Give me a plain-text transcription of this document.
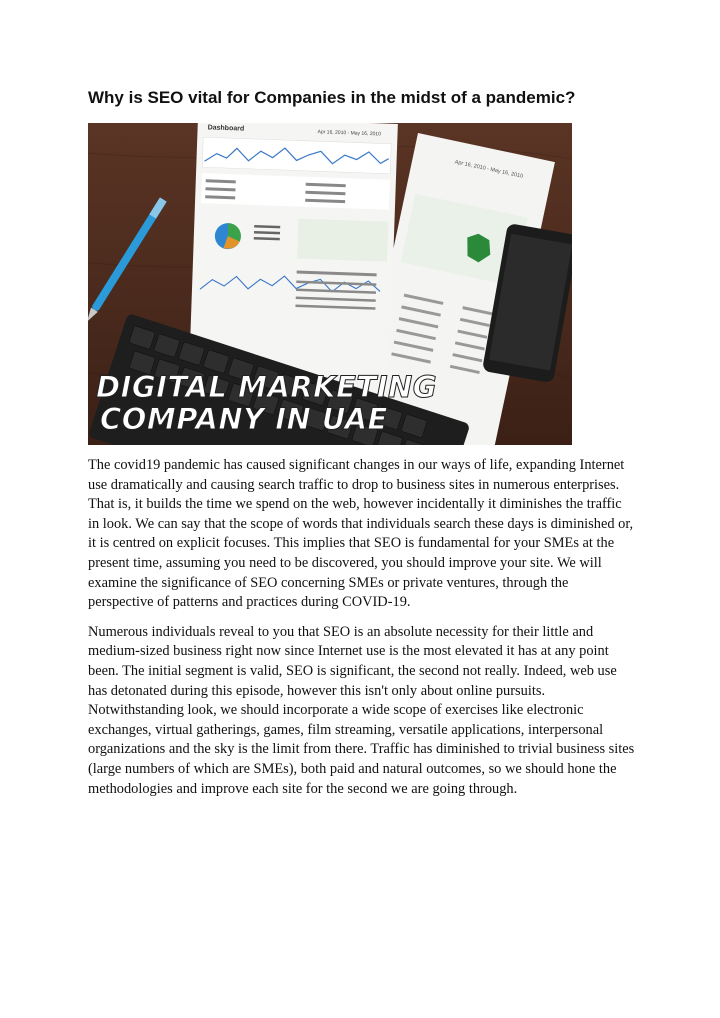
Why is SEO vital for Companies in the midst of a pandemic?
Apr 16, 2010 - May 16, 2010
Dashboard
Apr 16, 2010 - May 16, 2010
DIGITAL MARKETING
COMPANY IN UAE

The covid19 pandemic has caused significant changes in our ways of life, expanding Internet use dramatically and causing search traffic to drop to business sites in numerous enterprises. That is, it builds the time we spend on the web, however incidentally it diminishes the traffic in look. We can say that the scope of words that individuals search these days is diminished or, it is centred on explicit focuses. This implies that SEO is fundamental for your SMEs at the present time, assuming you need to be discovered, you should improve your site. We will examine the significance of SEO concerning SMEs or private ventures, through the perspective of patterns and practices during COVID-19.

Numerous individuals reveal to you that SEO is an absolute necessity for their little and medium-sized business right now since Internet use is the most elevated it has at any point been. The initial segment is valid, SEO is significant, the second not really. Indeed, web use has detonated during this episode, however this isn't only about online pursuits. Notwithstanding look, we should incorporate a wide scope of exercises like electronic exchanges, virtual gatherings, games, film streaming, versatile applications, interpersonal organizations and the sky is the limit from there. Traffic has diminished to trivial business sites (large numbers of which are SMEs), both paid and natural outcomes, so we should hone the methodologies and improve each site for the second we are going through.
